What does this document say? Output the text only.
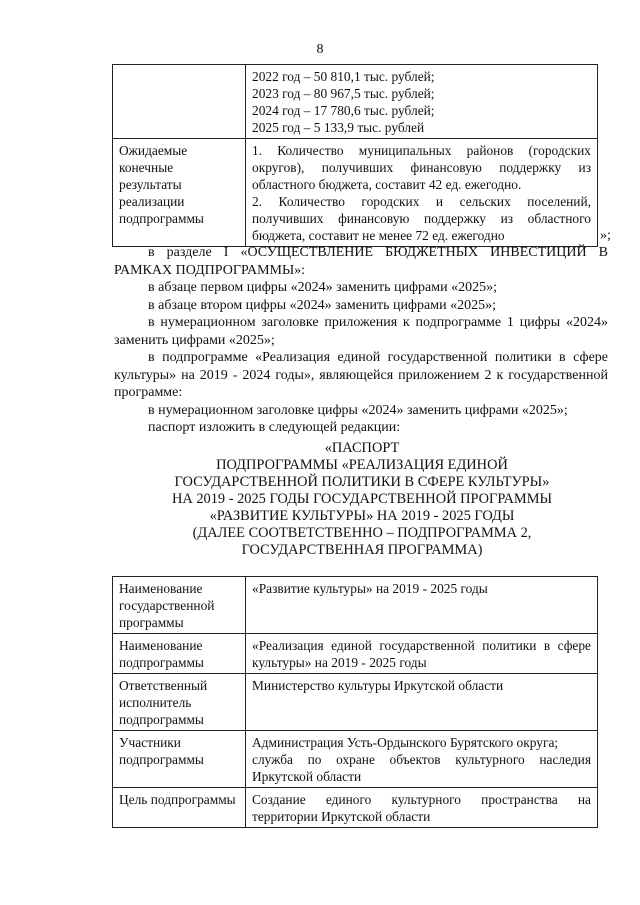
8

	2022 год – 50 810,1 тыс. рублей;
2023 год – 80 967,5 тыс. рублей;
2024 год – 17 780,6 тыс. рублей;
2025 год – 5 133,9 тыс. рублей

Ожидаемые конечные результаты реализации подпрограммы	1. Количество муниципальных районов (городских округов), получивших финансовую поддержку из областного бюджета, составит 42 ед. ежегодно.
2. Количество городских и сельских поселений, получивших финансовую поддержку из областного бюджета, составит не менее 72 ед. ежегодно	»;

в разделе I «ОСУЩЕСТВЛЕНИЕ БЮДЖЕТНЫХ ИНВЕСТИЦИЙ В РАМКАХ ПОДПРОГРАММЫ»:

в абзаце первом цифры «2024» заменить цифрами «2025»;

в абзаце втором цифры «2024» заменить цифрами «2025»;

в нумерационном заголовке приложения к подпрограмме 1 цифры «2024» заменить цифрами «2025»;

в подпрограмме «Реализация единой государственной политики в сфере культуры» на 2019 - 2024 годы», являющейся приложением 2 к государственной программе:

в нумерационном заголовке цифры «2024» заменить цифрами «2025»;

паспорт изложить в следующей редакции:

«ПАСПОРТ
ПОДПРОГРАММЫ «РЕАЛИЗАЦИЯ ЕДИНОЙ
ГОСУДАРСТВЕННОЙ ПОЛИТИКИ В СФЕРЕ КУЛЬТУРЫ»
НА 2019 - 2025 ГОДЫ ГОСУДАРСТВЕННОЙ ПРОГРАММЫ
«РАЗВИТИЕ КУЛЬТУРЫ» НА 2019 - 2025 ГОДЫ
(ДАЛЕЕ СООТВЕТСТВЕННО – ПОДПРОГРАММА 2,
ГОСУДАРСТВЕННАЯ ПРОГРАММА)
Наименование государственной программы	«Развитие культуры» на 2019 - 2025 годы
Наименование подпрограммы	«Реализация единой государственной политики в сфере культуры» на 2019 - 2025 годы
Ответственный исполнитель подпрограммы	Министерство культуры Иркутской области
Участники подпрограммы	Администрация Усть-Ордынского Бурятского округа;
служба по охране объектов культурного наследия Иркутской области

Цель подпрограммы	Создание единого культурного пространства на территории Иркутской области
